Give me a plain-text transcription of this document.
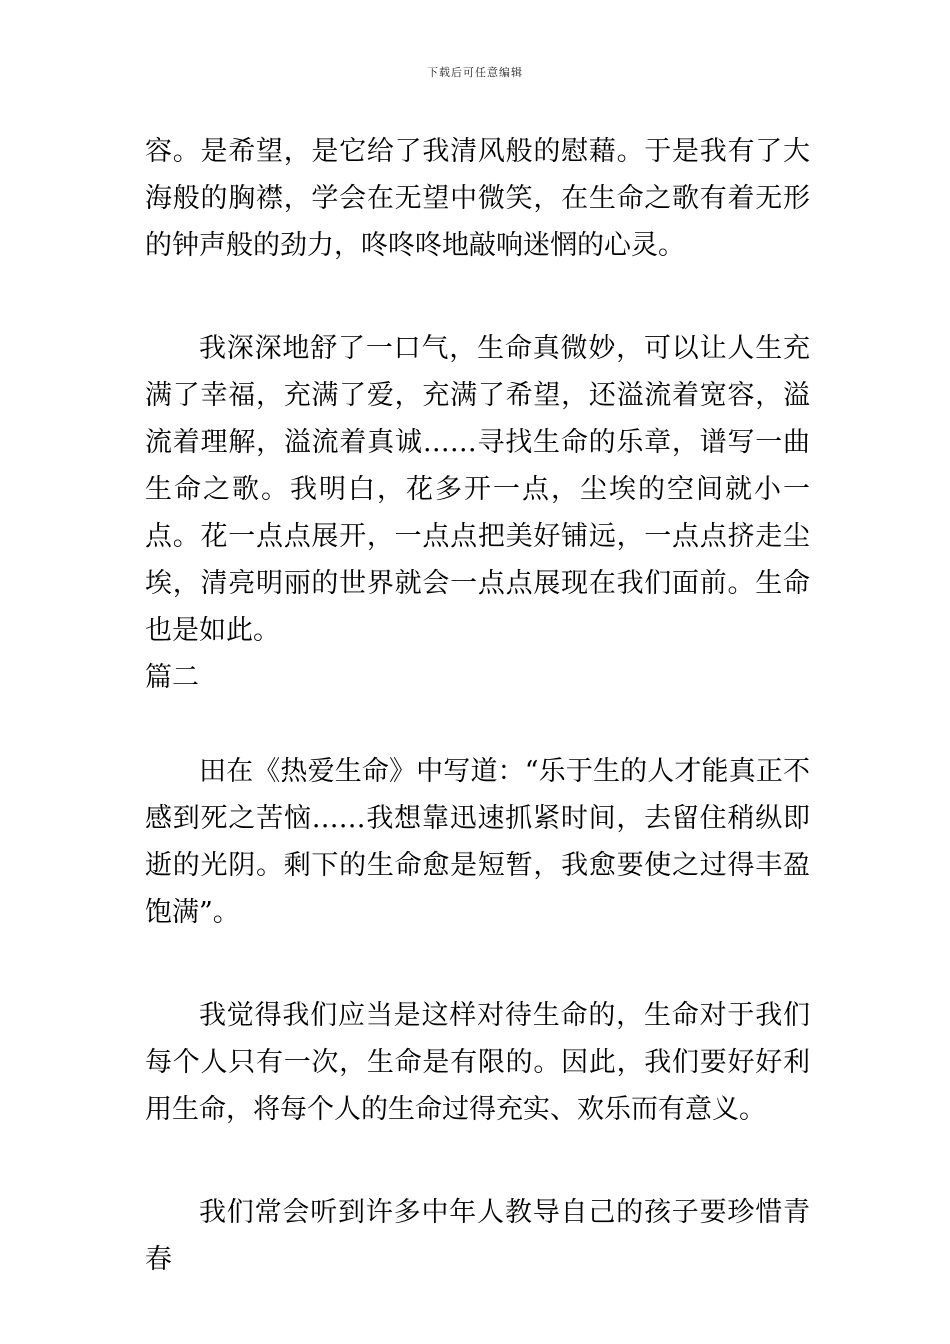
下载后可任意编辑

容。是希望，是它给了我清风般的慰藉。于是我有了大海般的胸襟，学会在无望中微笑，在生命之歌有着无形的钟声般的劲力，咚咚咚地敲响迷惘的心灵。

我深深地舒了一口气，生命真微妙，可以让人生充满了幸福，充满了爱，充满了希望，还溢流着宽容，溢流着理解，溢流着真诚……寻找生命的乐章，谱写一曲生命之歌。我明白，花多开一点，尘埃的空间就小一点。花一点点展开，一点点把美好铺远，一点点挤走尘埃，清亮明丽的世界就会一点点展现在我们面前。生命也是如此。

篇二

田在《热爱生命》中写道：“乐于生的人才能真正不感到死之苦恼……我想靠迅速抓紧时间，去留住稍纵即逝的光阴。剩下的生命愈是短暂，我愈要使之过得丰盈饱满”。

我觉得我们应当是这样对待生命的，生命对于我们每个人只有一次，生命是有限的。因此，我们要好好利用生命，将每个人的生命过得充实、欢乐而有意义。

我们常会听到许多中年人教导自己的孩子要珍惜青春
